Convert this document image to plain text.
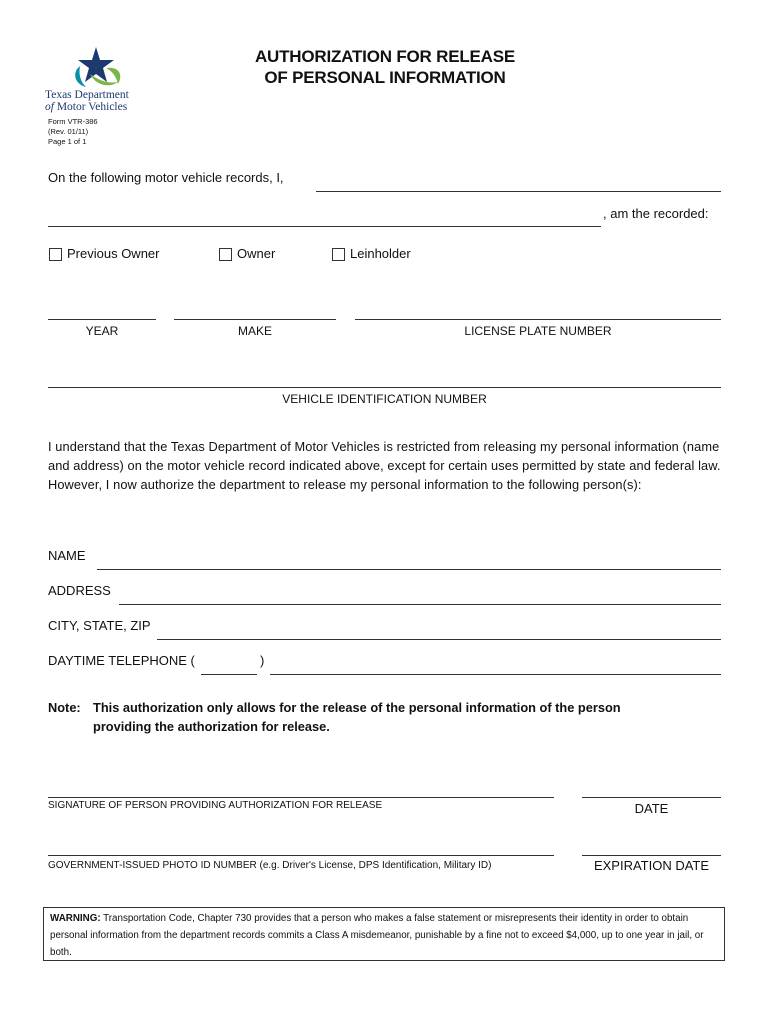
Texas Department
of Motor Vehicles
AUTHORIZATION FOR RELEASE
OF PERSONAL INFORMATION
Form VTR-386
(Rev. 01/11)
Page 1 of 1
On the following motor vehicle records, I,
, am the recorded:
Previous Owner	Owner	Leinholder
YEAR	MAKE	LICENSE PLATE NUMBER
VEHICLE IDENTIFICATION NUMBER
I understand that the Texas Department of Motor Vehicles is restricted from releasing my personal information (name and address) on the motor vehicle record indicated above, except for certain uses permitted by state and federal law. However, I now authorize the department to release my personal information to the following person(s):
NAME
ADDRESS
CITY, STATE, ZIP
DAYTIME TELEPHONE (	)
Note: This authorization only allows for the release of the personal information of the person
providing the authorization for release.
SIGNATURE OF PERSON PROVIDING AUTHORIZATION FOR RELEASE	DATE
GOVERNMENT-ISSUED PHOTO ID NUMBER (e.g. Driver's License, DPS Identification, Military ID)	EXPIRATION DATE
WARNING: Transportation Code, Chapter 730 provides that a person who makes a false statement or misrepresents their identity in order to obtain personal information from the department records commits a Class A misdemeanor, punishable by a fine not to exceed $4,000, up to one year in jail, or both.
